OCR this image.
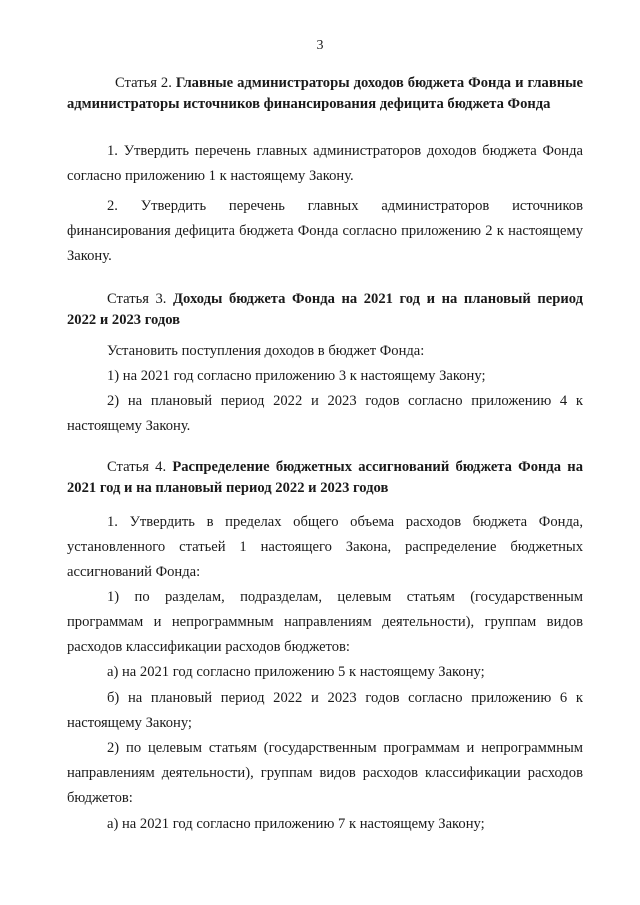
3

Статья 2. Главные администраторы доходов бюджета Фонда и главные администраторы источников финансирования дефицита бюджета Фонда

1. Утвердить перечень главных администраторов доходов бюджета Фонда согласно приложению 1 к настоящему Закону.

2. Утвердить перечень главных администраторов источников финансирования дефицита бюджета Фонда согласно приложению 2 к настоящему Закону.

Статья 3. Доходы бюджета Фонда на 2021 год и на плановый период 2022 и 2023 годов

Установить поступления доходов в бюджет Фонда:

1) на 2021 год согласно приложению 3 к настоящему Закону;

2) на плановый период 2022 и 2023 годов согласно приложению 4 к настоящему Закону.

Статья 4. Распределение бюджетных ассигнований бюджета Фонда на 2021 год и на плановый период 2022 и 2023 годов

1. Утвердить в пределах общего объема расходов бюджета Фонда, установленного статьей 1 настоящего Закона, распределение бюджетных ассигнований Фонда:

1) по разделам, подразделам, целевым статьям (государственным программам и непрограммным направлениям деятельности), группам видов расходов классификации расходов бюджетов:

а) на 2021 год согласно приложению 5 к настоящему Закону;

б) на плановый период 2022 и 2023 годов согласно приложению 6 к настоящему Закону;

2) по целевым статьям (государственным программам и непрограммным направлениям деятельности), группам видов расходов классификации расходов бюджетов:

а) на 2021 год согласно приложению 7 к настоящему Закону;
